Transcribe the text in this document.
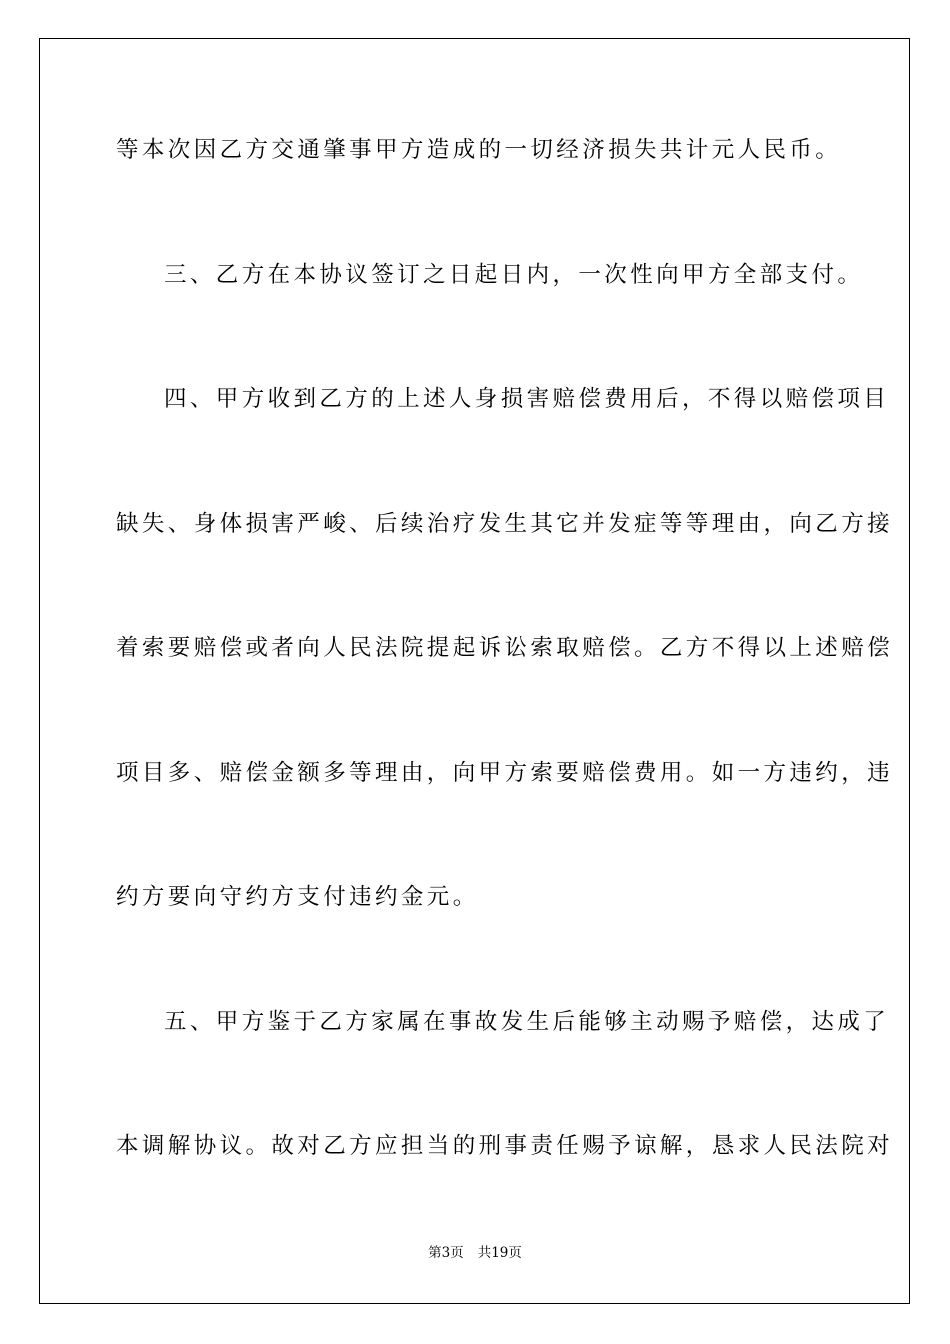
等本次因乙方交通肇事甲方造成的一切经济损失共计元人民币。
三、乙方在本协议签订之日起日内，一次性向甲方全部支付。
四、甲方收到乙方的上述人身损害赔偿费用后，不得以赔偿项目
缺失、身体损害严峻、后续治疗发生其它并发症等等理由，向乙方接
着索要赔偿或者向人民法院提起诉讼索取赔偿。乙方不得以上述赔偿
项目多、赔偿金额多等理由，向甲方索要赔偿费用。如一方违约，违
约方要向守约方支付违约金元。
五、甲方鉴于乙方家属在事故发生后能够主动赐予赔偿，达成了
本调解协议。故对乙方应担当的刑事责任赐予谅解，恳求人民法院对
第3页 共19页
